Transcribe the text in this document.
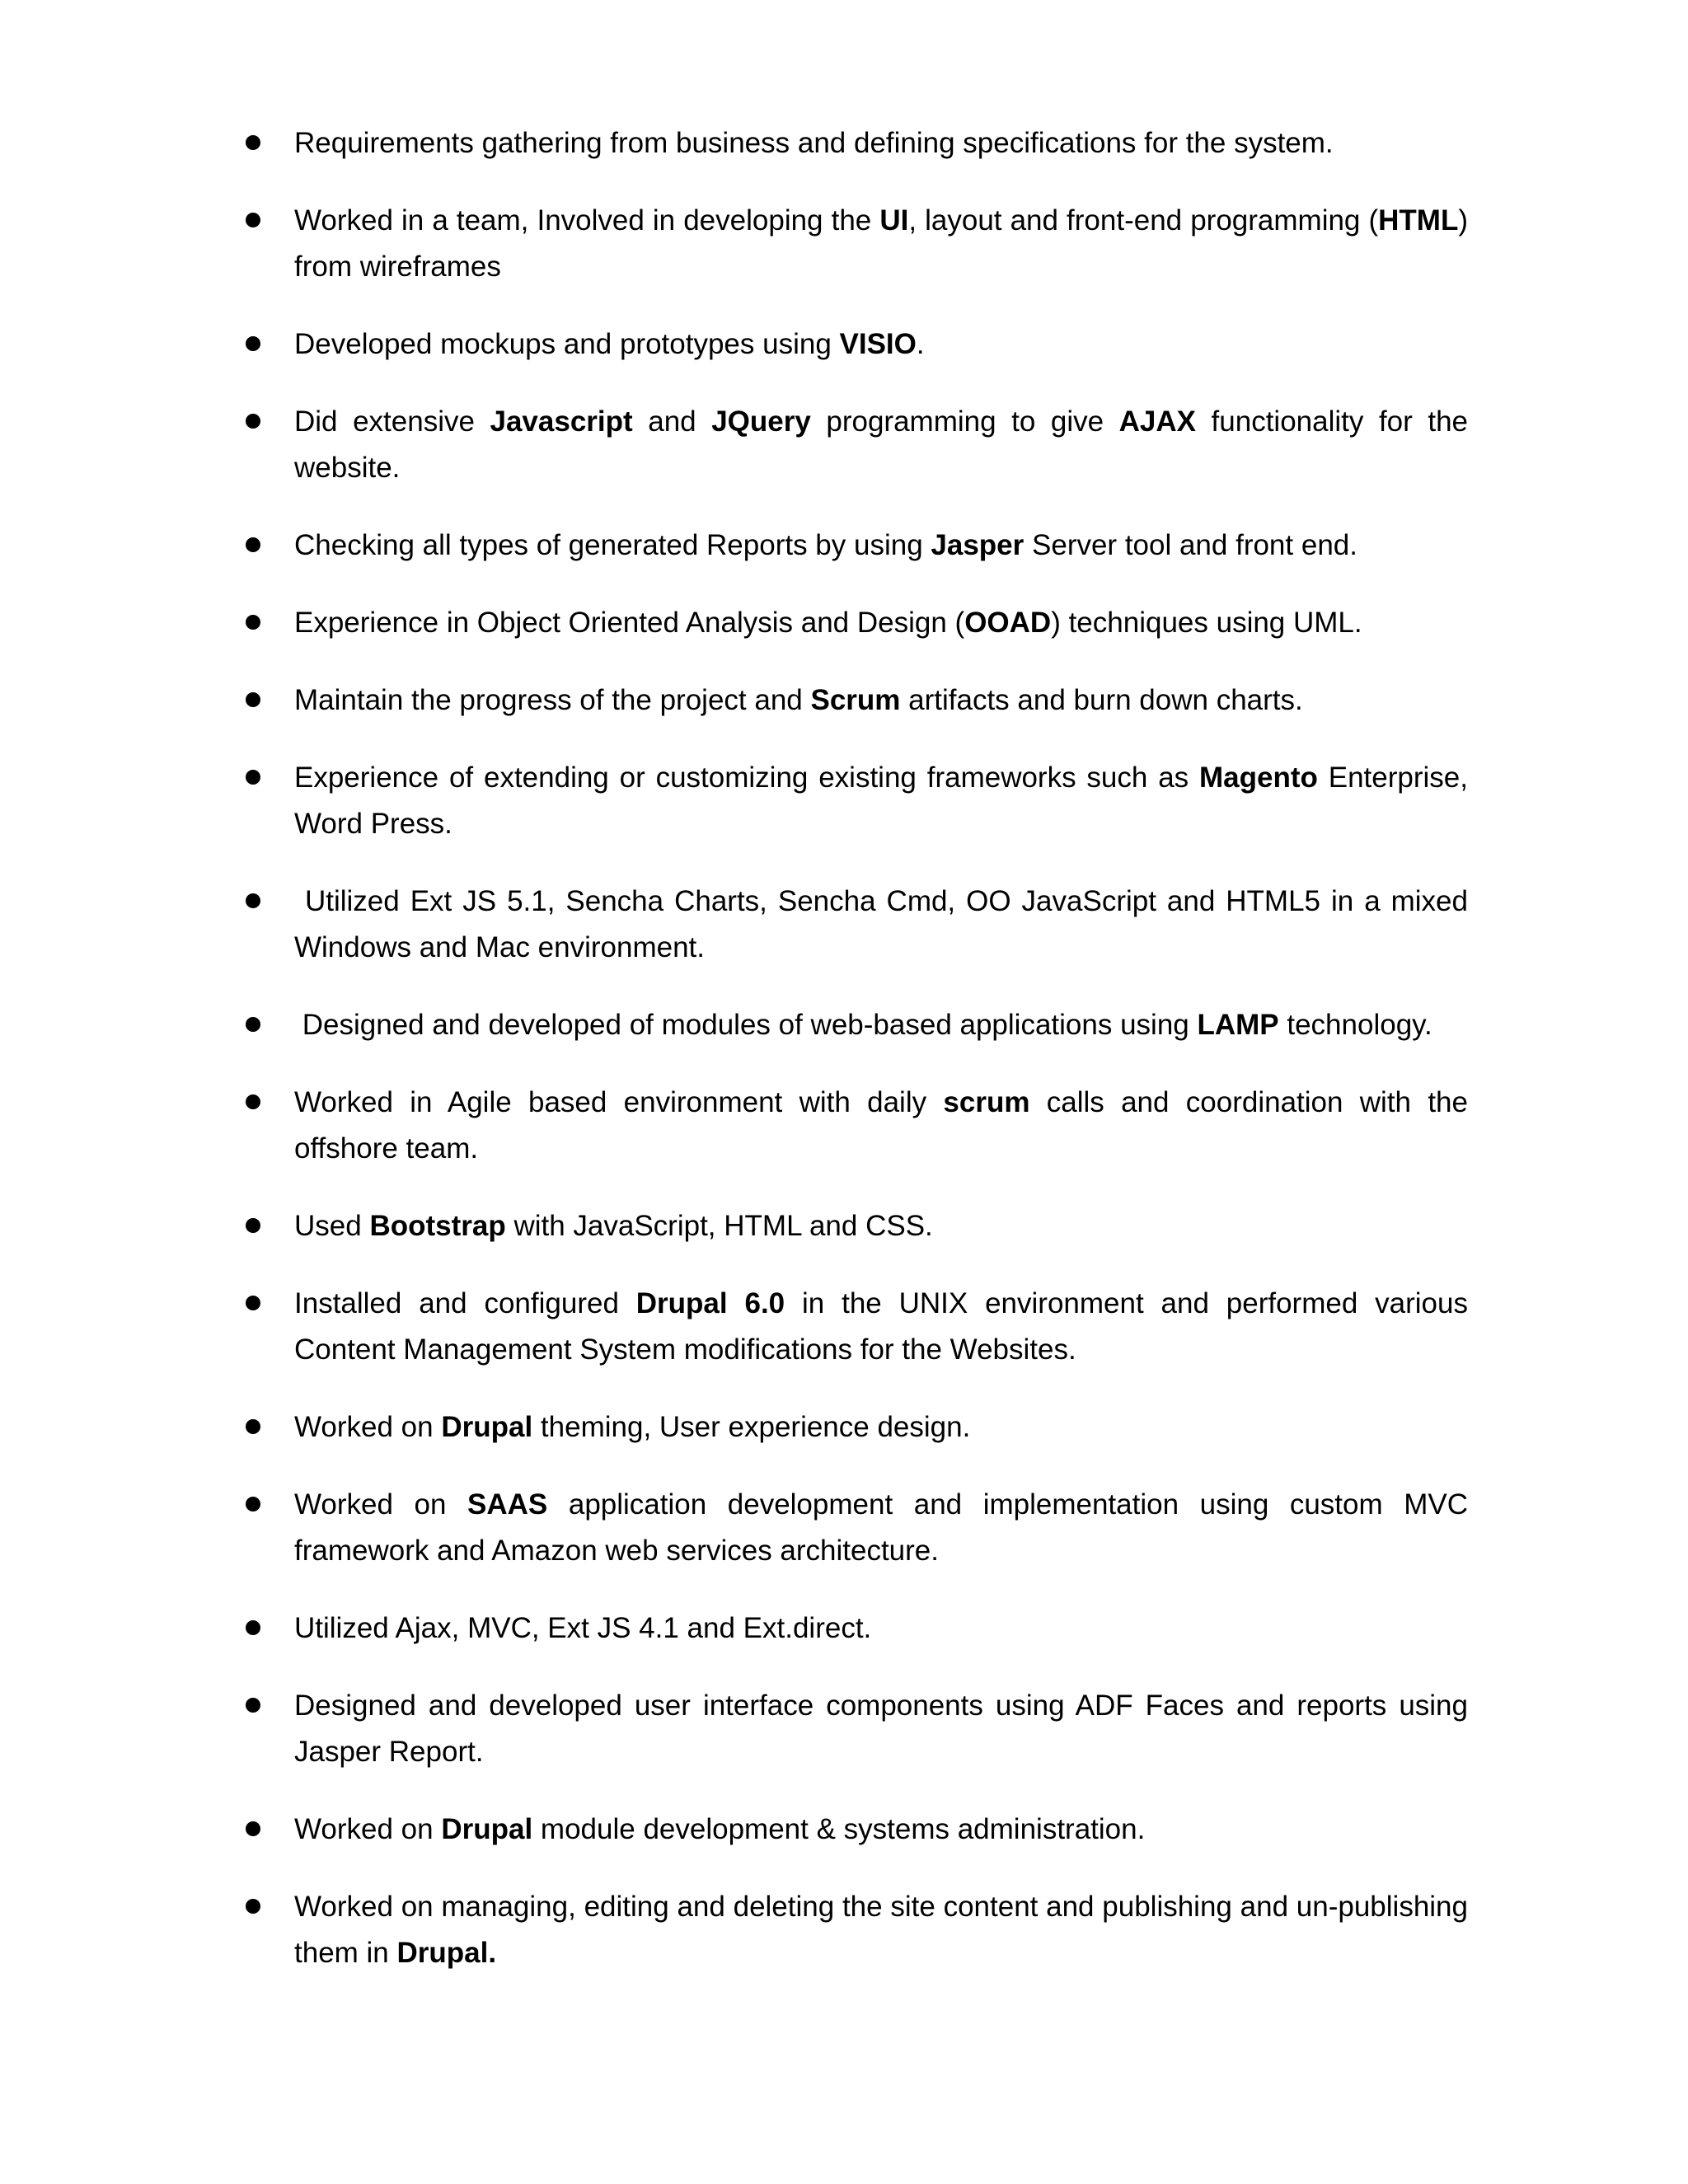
Requirements gathering from business and defining specifications for the system.
Worked in a team, Involved in developing the UI, layout and front-end programming (HTML) from wireframes
Developed mockups and prototypes using VISIO.
Did extensive Javascript and JQuery programming to give AJAX functionality for the website.
Checking all types of generated Reports by using Jasper Server tool and front end.
Experience in Object Oriented Analysis and Design (OOAD) techniques using UML.
Maintain the progress of the project and Scrum artifacts and burn down charts.
Experience of extending or customizing existing frameworks such as Magento Enterprise, Word Press.
Utilized Ext JS 5.1, Sencha Charts, Sencha Cmd, OO JavaScript and HTML5 in a mixed Windows and Mac environment.
Designed and developed of modules of web-based applications using LAMP technology.
Worked in Agile based environment with daily scrum calls and coordination with the offshore team.
Used Bootstrap with JavaScript, HTML and CSS.
Installed and configured Drupal 6.0 in the UNIX environment and performed various Content Management System modifications for the Websites.
Worked on Drupal theming, User experience design.
Worked on SAAS application development and implementation using custom MVC framework and Amazon web services architecture.
Utilized Ajax, MVC, Ext JS 4.1 and Ext.direct.
Designed and developed user interface components using ADF Faces and reports using Jasper Report.
Worked on Drupal module development & systems administration.
Worked on managing, editing and deleting the site content and publishing and un-publishing them in Drupal.
